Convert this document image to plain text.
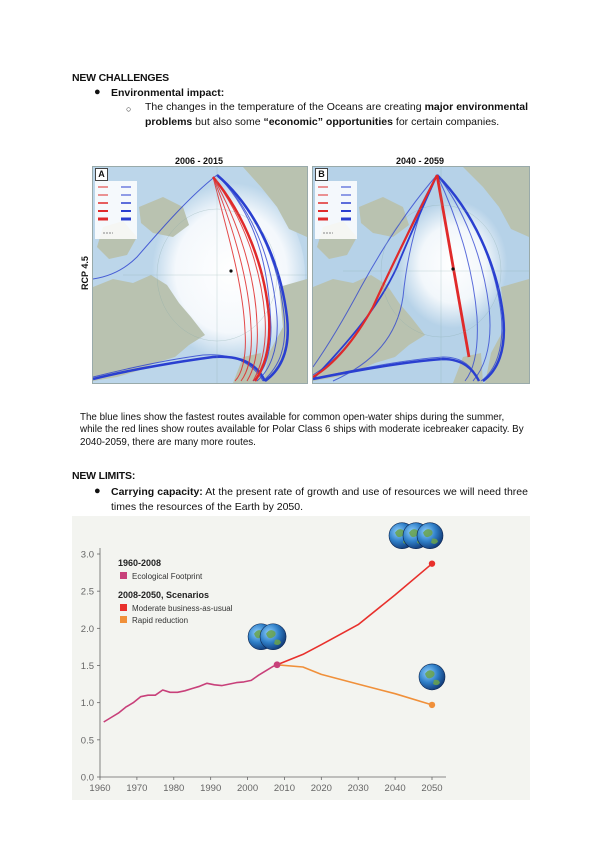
NEW CHALLENGES
● Environmental impact:
○ The changes in the temperature of the Oceans are creating major environmental problems but also some “economic” opportunities for certain companies.
2006 - 2015	2040 - 2059
RCP 4.5
A	B
The blue lines show the fastest routes available for common open-water ships during the summer, while the red lines show routes available for Polar Class 6 ships with moderate icebreaker capacity. By 2040-2059, there are many more routes.
NEW LIMITS:
● Carrying capacity: At the present rate of growth and use of resources we will need three times the resources of the Earth by 2050.
0.0
0.5
1.0
1.5
2.0
2.5
3.0
1960 1970 1980 1990 2000 2010 2020 2030 2040 2050
1960-2008
Ecological Footprint
2008-2050, Scenarios
Moderate business-as-usual
Rapid reduction
